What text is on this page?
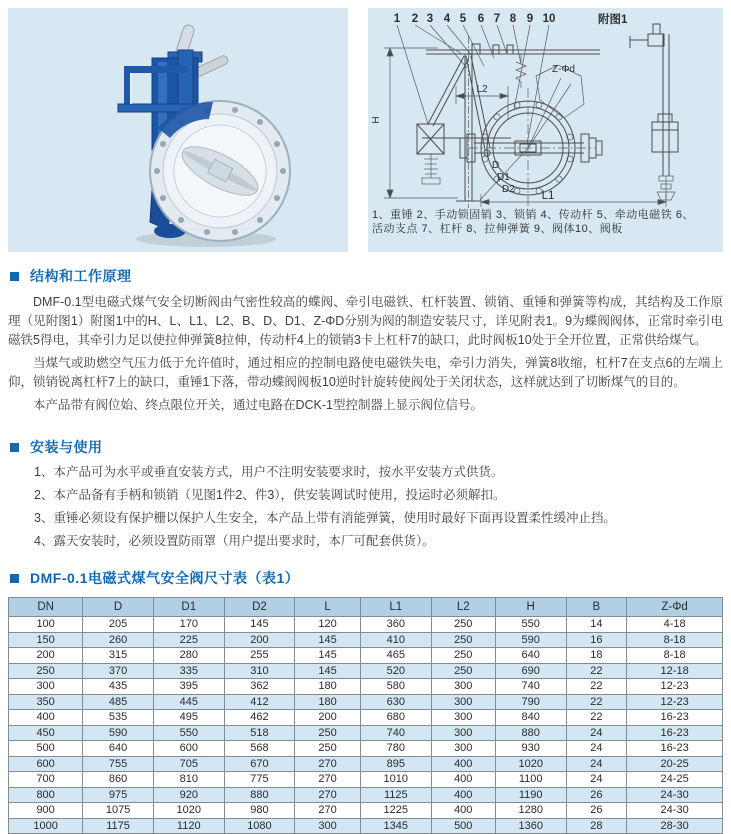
1 2 3 4 5 6 7 8 9 10	附图1
H
L2
D
D1
D2
Z-Φd
L1
1、重锤 2、手动锁固销 3、锁销 4、传动杆 5、牵动电磁铁 6、
活动支点 7、杠杆 8、拉伸弹簧 9、阀体10、阀板
结构和工作原理

DMF-0.1型电磁式煤气安全切断阀由气密性较高的蝶阀、牵引电磁铁、杠杆装置、锁销、重锤和弹簧等构成，其结构及工作原理（见附图1）附图1中的H、L、L1、L2、B、D、D1、Z-ΦD分别为阀的制造安装尺寸，详见附表1。9为蝶阀阀体，正常时牵引电磁铁5得电，其牵引力足以使拉伸弹簧8拉伸，传动杆4上的锁销3卡上杠杆7的缺口，此时阀板10处于全开位置，正常供给煤气。

当煤气或助燃空气压力低于允许值时，通过相应的控制电路使电磁铁失电，牵引力消失，弹簧8收缩，杠杆7在支点6的左端上仰，锁销锐离杠杆7上的缺口，重锤1下落，带动蝶阀阀板10逆时针旋转使阀处于关闭状态，这样就达到了切断煤气的目的。

本产品带有阀位始、终点限位开关，通过电路在DCK-1型控制器上显示阀位信号。

安装与使用
1、本产品可为水平或垂直安装方式，用户不注明安装要求时，按水平安装方式供货。
2、本产品备有手柄和锁销（见图1件2、件3），供安装调试时使用，投运时必须解扣。
3、重锤必须设有保护栅以保护人生安全，本产品上带有消能弹簧，使用时最好下面再设置柔性缓冲止挡。
4、露天安装时，必须设置防雨罩（用户提出要求时，本厂可配套供货）。
DMF-0.1电磁式煤气安全阀尺寸表（表1）
DN	D	D1	D2	L	L1	L2	H	B	Z-Φd
100	205	170	145	120	360	250	550	14	4-18
150	260	225	200	145	410	250	590	16	8-18
200	315	280	255	145	465	250	640	18	8-18
250	370	335	310	145	520	250	690	22	12-18
300	435	395	362	180	580	300	740	22	12-23
350	485	445	412	180	630	300	790	22	12-23
400	535	495	462	200	680	300	840	22	16-23
450	590	550	518	250	740	300	880	24	16-23
500	640	600	568	250	780	300	930	24	16-23
600	755	705	670	270	895	400	1020	24	20-25
700	860	810	775	270	1010	400	1100	24	24-25
800	975	920	880	270	1125	400	1190	26	24-30
900	1075	1020	980	270	1225	400	1280	26	24-30
1000	1175	1120	1080	300	1345	500	1360	28	28-30
